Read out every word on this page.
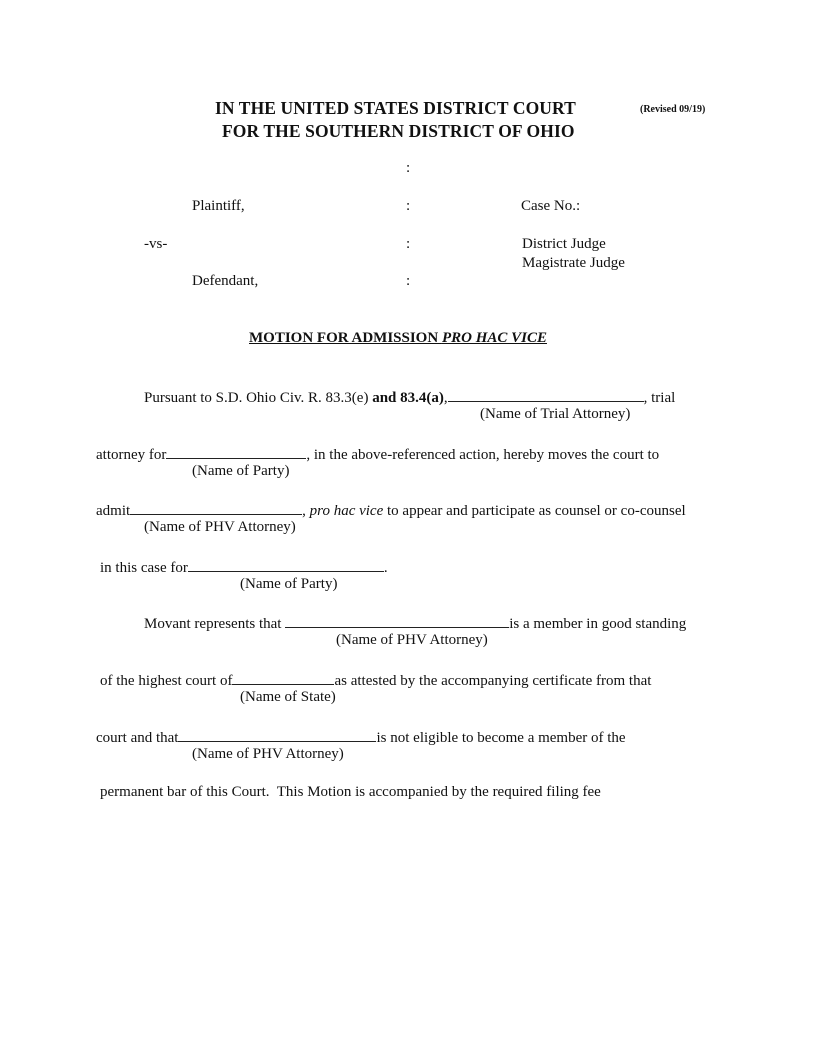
IN THE UNITED STATES DISTRICT COURT
FOR THE SOUTHERN DISTRICT OF OHIO
(Revised 09/19)
:
Plaintiff,	:	Case No.:
-vs-	:	District Judge
Magistrate Judge
Defendant,	:
MOTION FOR ADMISSION PRO HAC VICE
Pursuant to S.D. Ohio Civ. R. 83.3(e) and 83.4(a),	, trial
(Name of Trial Attorney)
attorney for	, in the above-referenced action, hereby moves the court to
(Name of Party)
admit	, pro hac vice to appear and participate as counsel or co-counsel
(Name of PHV Attorney)
in this case for	.
(Name of Party)
Movant represents that	is a member in good standing
(Name of PHV Attorney)
of the highest court of	as attested by the accompanying certificate from that
(Name of State)
court and that	is not eligible to become a member of the
(Name of PHV Attorney)
permanent bar of this Court.  This Motion is accompanied by the required filing fee
